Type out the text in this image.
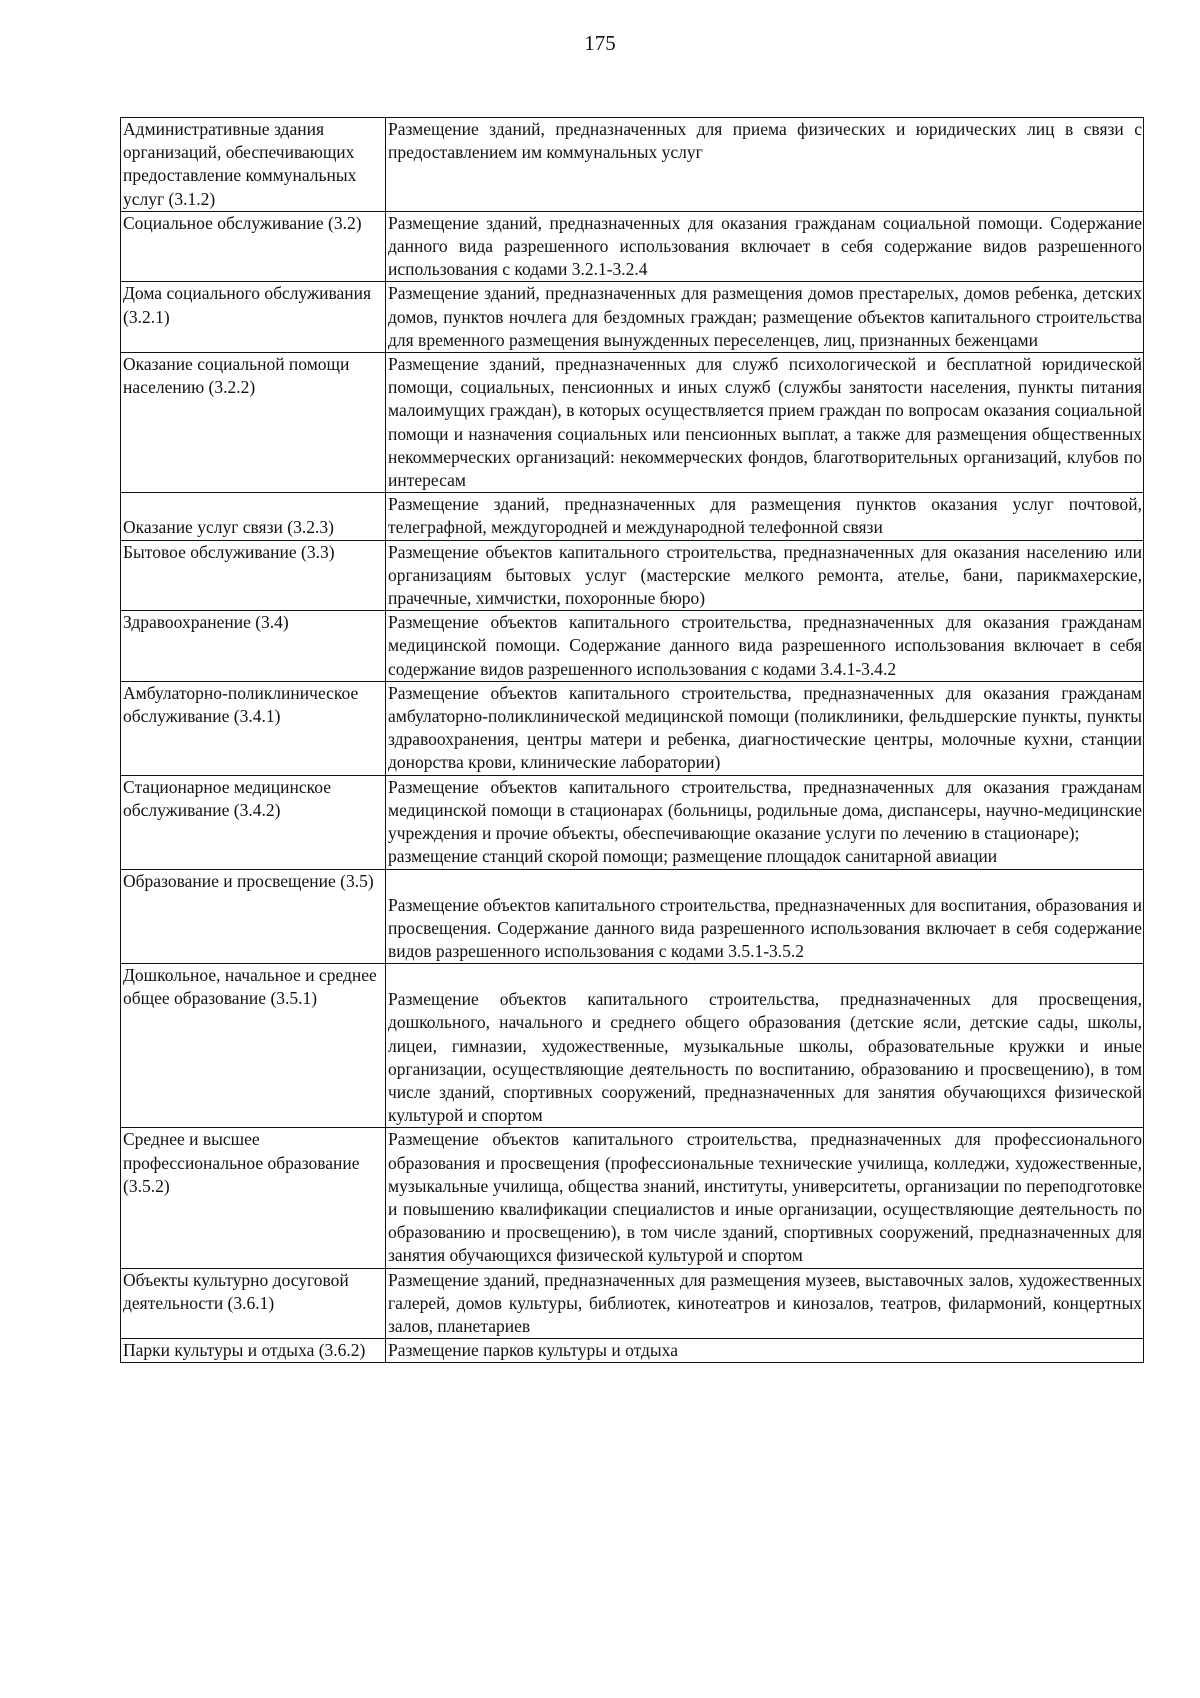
175
Административные здания организаций, обеспечивающих предоставление коммунальных услуг (3.1.2)	Размещение зданий, предназначенных для приема физических и юридических лиц в связи с предоставлением им коммунальных услуг

Социальное обслуживание (3.2)	Размещение зданий, предназначенных для оказания гражданам социальной помощи. Содержание данного вида разрешенного использования включает в себя содержание видов разрешенного использования с кодами 3.2.1-3.2.4

Дома социального обслуживания (3.2.1)	Размещение зданий, предназначенных для размещения домов престарелых, домов ребенка, детских домов, пунктов ночлега для бездомных граждан; размещение объектов капитального строительства для временного размещения вынужденных переселенцев, лиц, признанных беженцами

Оказание социальной помощи населению (3.2.2)	Размещение зданий, предназначенных для служб психологической и бесплатной юридической помощи, социальных, пенсионных и иных служб (службы занятости населения, пункты питания малоимущих граждан), в которых осуществляется прием граждан по вопросам оказания социальной помощи и назначения социальных или пенсионных выплат, а также для размещения общественных некоммерческих организаций: некоммерческих фондов, благотворительных организаций, клубов по интересам

Оказание услуг связи (3.2.3)	Размещение зданий, предназначенных для размещения пунктов оказания услуг почтовой, телеграфной, междугородней и международной телефонной связи

Бытовое обслуживание (3.3)	Размещение объектов капитального строительства, предназначенных для оказания населению или организациям бытовых услуг (мастерские мелкого ремонта, ателье, бани, парикмахерские, прачечные, химчистки, похоронные бюро)

Здравоохранение (3.4)	Размещение объектов капитального строительства, предназначенных для оказания гражданам медицинской помощи. Содержание данного вида разрешенного использования включает в себя содержание видов разрешенного использования с кодами 3.4.1-3.4.2

Амбулаторно-поликлиническое обслуживание (3.4.1)	Размещение объектов капитального строительства, предназначенных для оказания гражданам амбулаторно-поликлинической медицинской помощи (поликлиники, фельдшерские пункты, пункты здравоохранения, центры матери и ребенка, диагностические центры, молочные кухни, станции донорства крови, клинические лаборатории)

Стационарное медицинское обслуживание (3.4.2)	Размещение объектов капитального строительства, предназначенных для оказания гражданам медицинской помощи в стационарах (больницы, родильные дома, диспансеры, научно-медицинские учреждения и прочие объекты, обеспечивающие оказание услуги по лечению в стационаре);
размещение станций скорой помощи; размещение площадок санитарной авиации

Образование и просвещение (3.5)	Размещение объектов капитального строительства, предназначенных для воспитания, образования и просвещения. Содержание данного вида разрешенного использования включает в себя содержание видов разрешенного использования с кодами 3.5.1-3.5.2

Дошкольное, начальное и среднее общее образование (3.5.1)	Размещение объектов капитального строительства, предназначенных для просвещения, дошкольного, начального и среднего общего образования (детские ясли, детские сады, школы, лицеи, гимназии, художественные, музыкальные школы, образовательные кружки и иные организации, осуществляющие деятельность по воспитанию, образованию и просвещению), в том числе зданий, спортивных сооружений, предназначенных для занятия обучающихся физической культурой и спортом

Среднее и высшее профессиональное образование (3.5.2)	Размещение объектов капитального строительства, предназначенных для профессионального образования и просвещения (профессиональные технические училища, колледжи, художественные, музыкальные училища, общества знаний, институты, университеты, организации по переподготовке и повышению квалификации специалистов и иные организации, осуществляющие деятельность по образованию и просвещению), в том числе зданий, спортивных сооружений, предназначенных для занятия обучающихся физической культурой и спортом

Объекты культурно досуговой деятельности (3.6.1)	Размещение зданий, предназначенных для размещения музеев, выставочных залов, художественных галерей, домов культуры, библиотек, кинотеатров и кинозалов, театров, филармоний, концертных залов, планетариев

Парки культуры и отдыха (3.6.2)	Размещение парков культуры и отдыха
